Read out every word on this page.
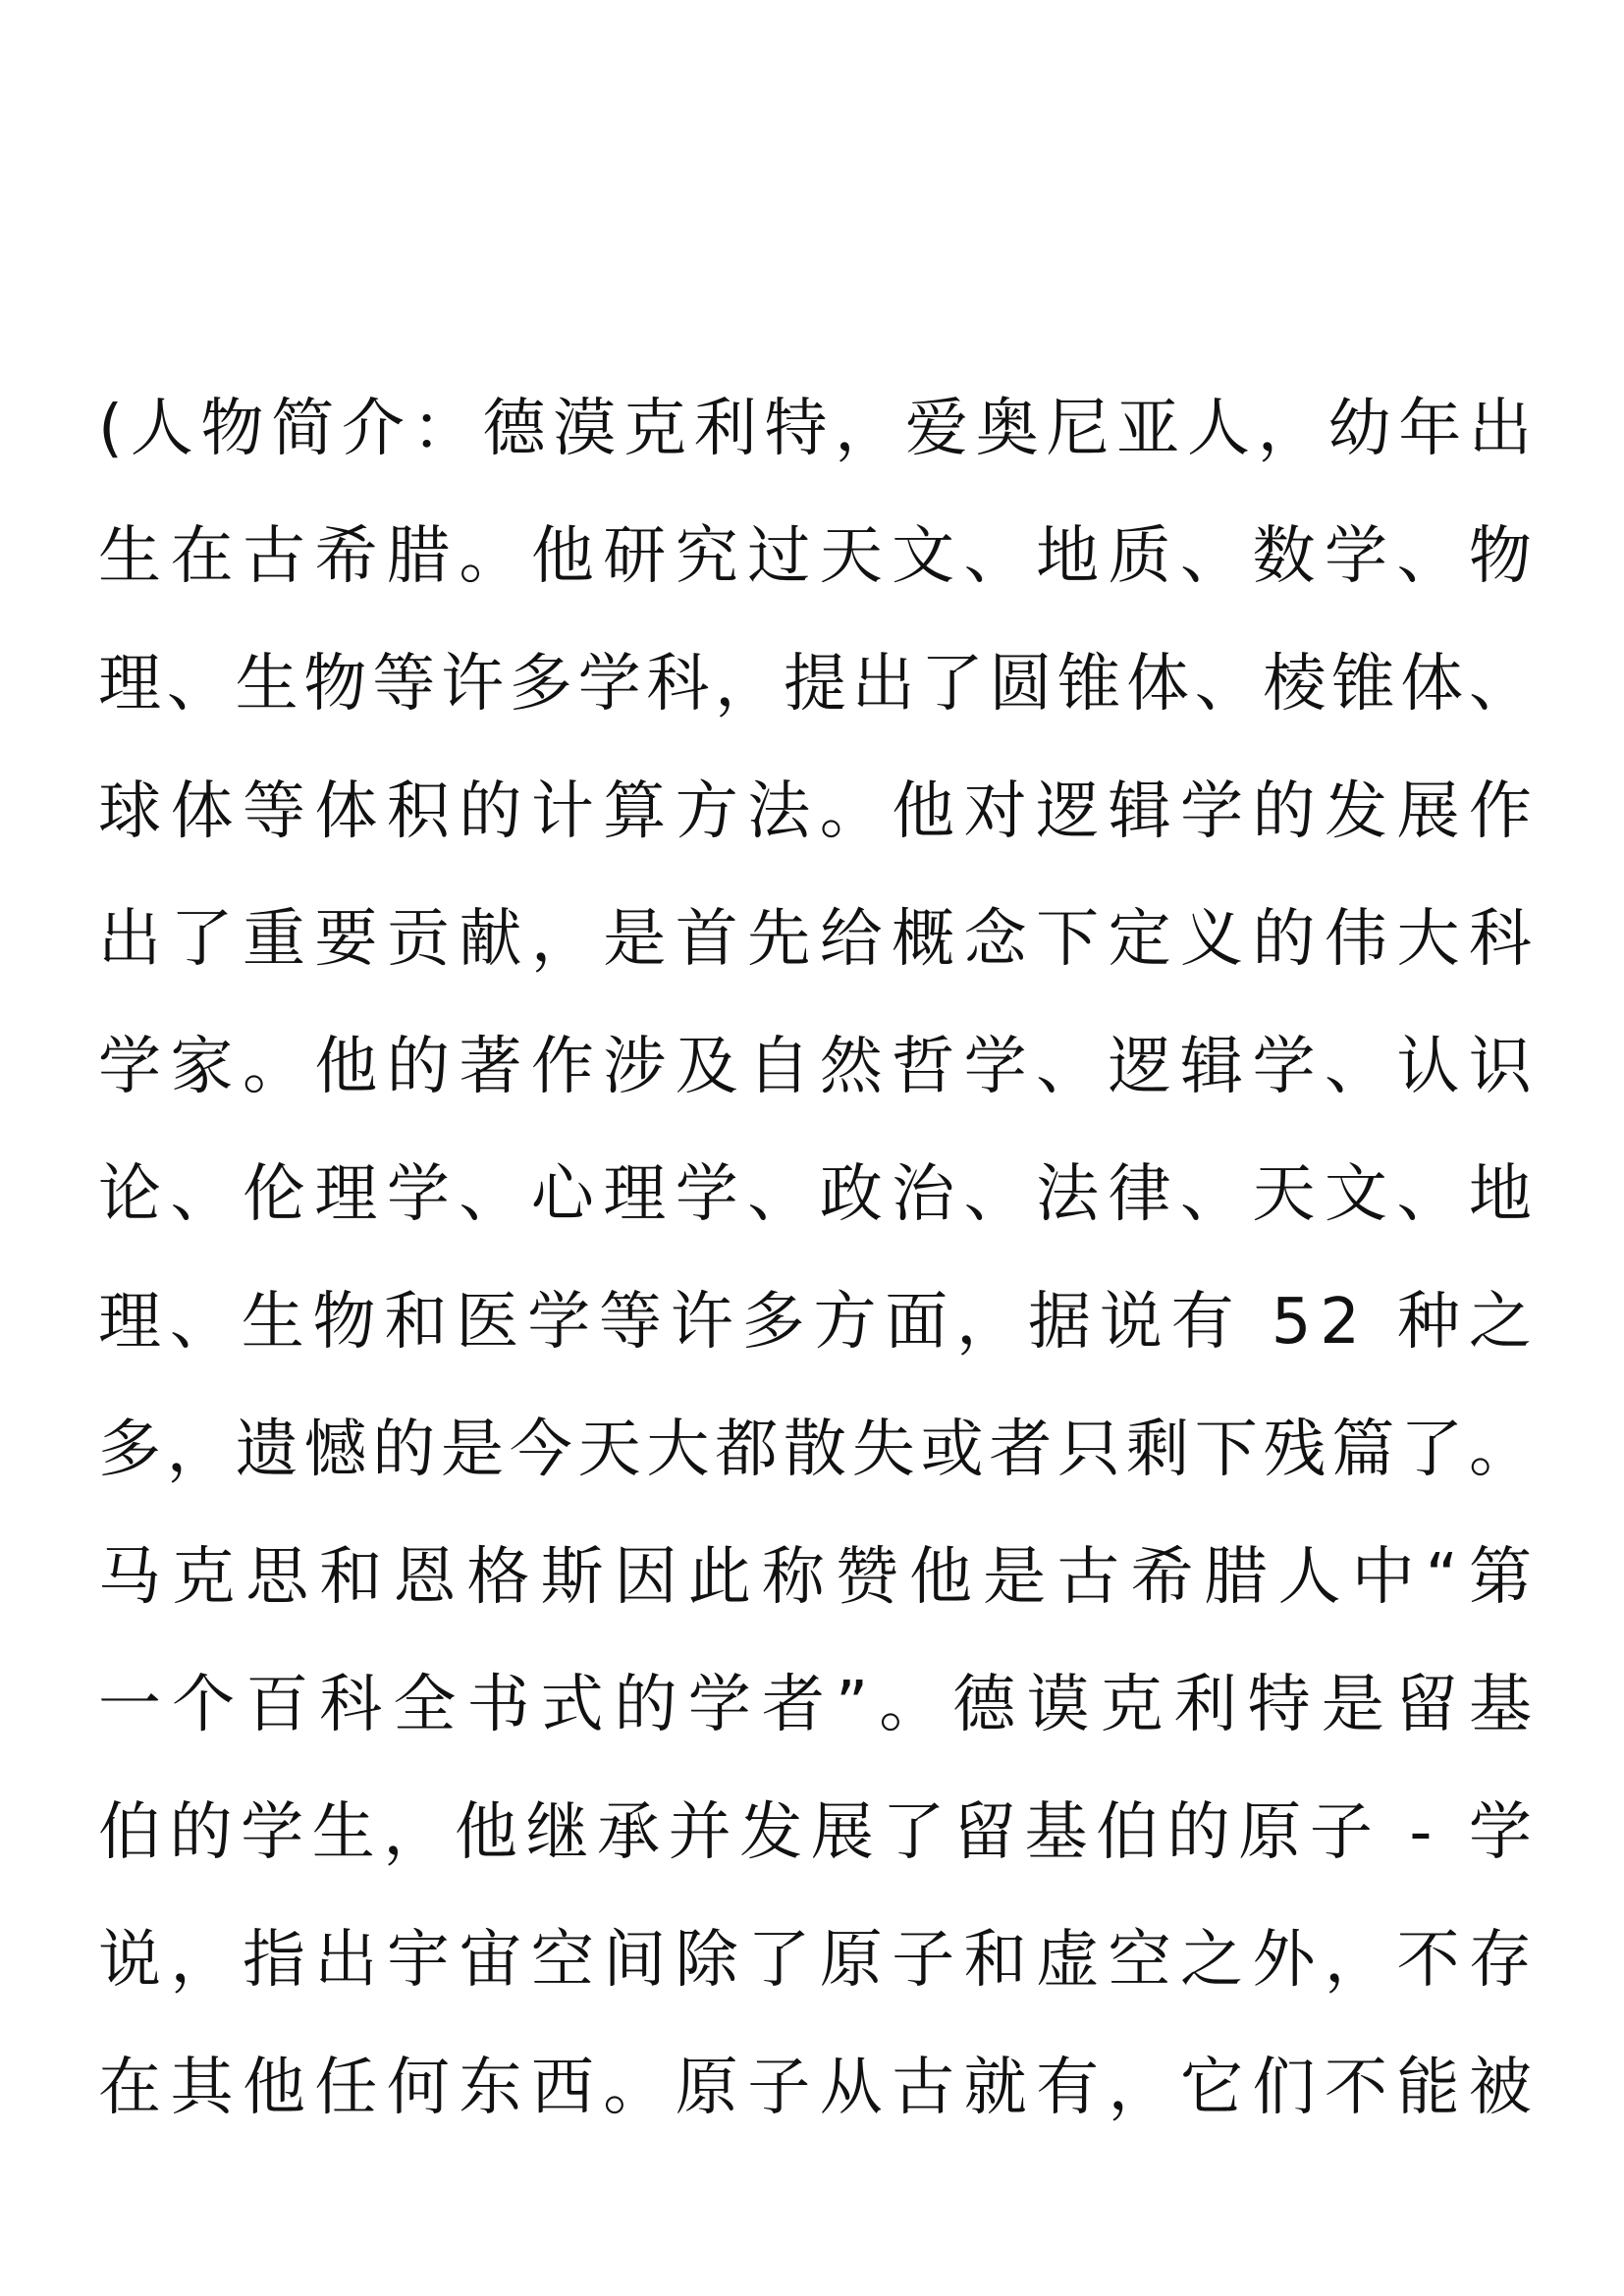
( 人 物 简 介 ： 德 漠 克 利 特 ， 爱 奥 尼 亚 人 ， 幼 年 出
生 在 古 希 腊 。 他 研 究 过 天 文 、 地 质 、 数 学 、 物
理 、 生 物 等 许 多 学 科 ， 提 出 了 圆 锥 体 、 棱 锥 体 、
球 体 等 体 积 的 计 算 方 法 。 他 对 逻 辑 学 的 发 展 作
出 了 重 要 贡 献 ， 是 首 先 给 概 念 下 定 义 的 伟 大 科
学 家 。 他 的 著 作 涉 及 自 然 哲 学 、 逻 辑 学 、 认 识
论 、 伦 理 学 、 心 理 学 、 政 治 、 法 律 、 天 文 、 地
理 、 生 物 和 医 学 等 许 多 方 面 ， 据 说 有
5 2
种 之
多 ， 遗 憾 的 是 今 天 大 都 散 失 或 者 只 剩 下 残 篇 了 。
马 克 思 和 恩 格 斯 因 此 称 赞 他 是 古 希 腊 人 中 “ 第
一 个 百 科 全 书 式 的 学 者 ” 。 德 谟 克 利 特 是 留 基
伯 的 学 生 ， 他 继 承 并 发 展 了 留 基 伯 的 原 子
-
学
说 ， 指 出 宇 宙 空 间 除 了 原 子 和 虚 空 之 外 ， 不 存
在 其 他 任 何 东 西 。 原 子 从 古 就 有 ， 它 们 不 能 被
